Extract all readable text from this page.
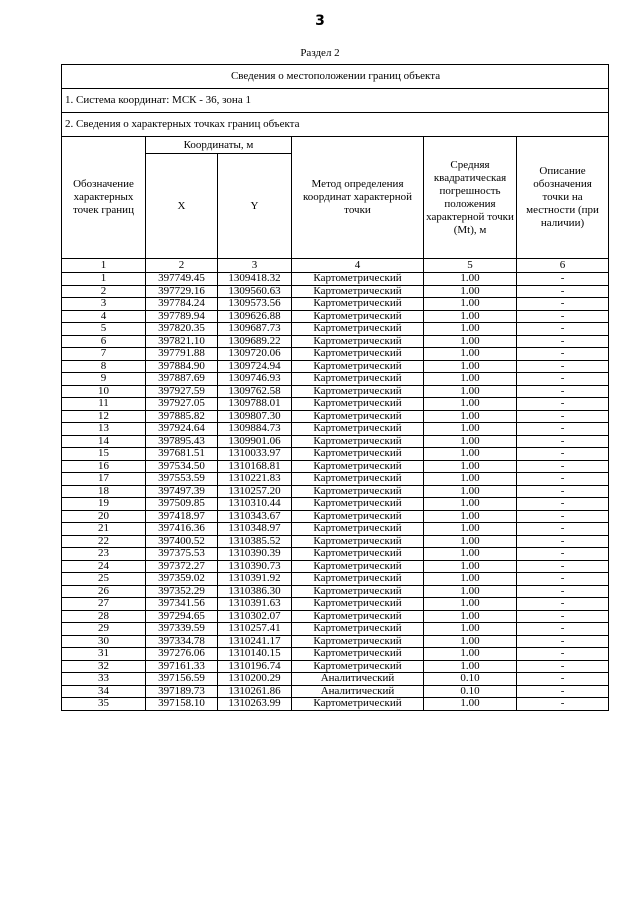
3
Раздел 2
Сведения о местоположении границ объекта					
1. Система координат: МСК - 36, зона 1					
2. Сведения о характерных точках границ объекта					
Обозначение характерных точек границ	Координаты, м		Метод определения координат характерной точки	Средняя квадратическая погрешность положения характерной точки (Mt), м	Описание обозначения точки на местности (при наличии)
	X	Y			
1	2	3	4	5	6
1	397749.45	1309418.32	Картометрический	1.00	-
2	397729.16	1309560.63	Картометрический	1.00	-
3	397784.24	1309573.56	Картометрический	1.00	-
4	397789.94	1309626.88	Картометрический	1.00	-
5	397820.35	1309687.73	Картометрический	1.00	-
6	397821.10	1309689.22	Картометрический	1.00	-
7	397791.88	1309720.06	Картометрический	1.00	-
8	397884.90	1309724.94	Картометрический	1.00	-
9	397887.69	1309746.93	Картометрический	1.00	-
10	397927.59	1309762.58	Картометрический	1.00	-
11	397927.05	1309788.01	Картометрический	1.00	-
12	397885.82	1309807.30	Картометрический	1.00	-
13	397924.64	1309884.73	Картометрический	1.00	-
14	397895.43	1309901.06	Картометрический	1.00	-
15	397681.51	1310033.97	Картометрический	1.00	-
16	397534.50	1310168.81	Картометрический	1.00	-
17	397553.59	1310221.83	Картометрический	1.00	-
18	397497.39	1310257.20	Картометрический	1.00	-
19	397509.85	1310310.44	Картометрический	1.00	-
20	397418.97	1310343.67	Картометрический	1.00	-
21	397416.36	1310348.97	Картометрический	1.00	-
22	397400.52	1310385.52	Картометрический	1.00	-
23	397375.53	1310390.39	Картометрический	1.00	-
24	397372.27	1310390.73	Картометрический	1.00	-
25	397359.02	1310391.92	Картометрический	1.00	-
26	397352.29	1310386.30	Картометрический	1.00	-
27	397341.56	1310391.63	Картометрический	1.00	-
28	397294.65	1310302.07	Картометрический	1.00	-
29	397339.59	1310257.41	Картометрический	1.00	-
30	397334.78	1310241.17	Картометрический	1.00	-
31	397276.06	1310140.15	Картометрический	1.00	-
32	397161.33	1310196.74	Картометрический	1.00	-
33	397156.59	1310200.29	Аналитический	0.10	-
34	397189.73	1310261.86	Аналитический	0.10	-
35	397158.10	1310263.99	Картометрический	1.00	-
